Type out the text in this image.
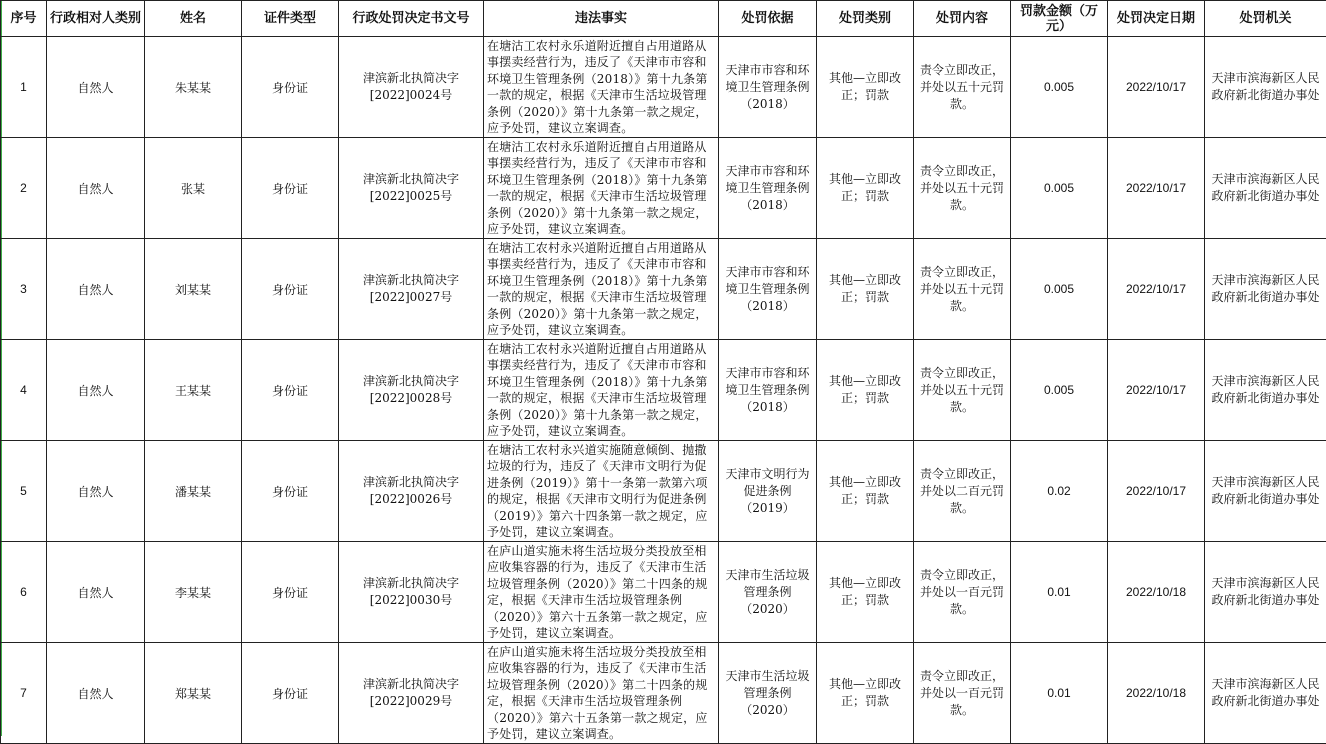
序号	行政相对人类别	姓名	证件类型	行政处罚决定书文号	违法事实	处罚依据	处罚类别	处罚内容	罚款金额（万元）	处罚决定日期	处罚机关
1	自然人	朱某某	身份证	津滨新北执简决字[2022]0024号	在塘沽工农村永乐道附近擅自占用道路从事摆卖经营行为，违反了《天津市市容和环境卫生管理条例（2018）》第十九条第一款的规定，根据《天津市生活垃圾管理条例（2020）》第十九条第一款之规定，应予处罚，建议立案调查。	天津市市容和环境卫生管理条例（2018）	其他—立即改正；罚款	责令立即改正，并处以五十元罚款。	0.005	2022/10/17	天津市滨海新区人民政府新北街道办事处
2	自然人	张某	身份证	津滨新北执简决字[2022]0025号	在塘沽工农村永乐道附近擅自占用道路从事摆卖经营行为，违反了《天津市市容和环境卫生管理条例（2018）》第十九条第一款的规定，根据《天津市生活垃圾管理条例（2020）》第十九条第一款之规定，应予处罚，建议立案调查。	天津市市容和环境卫生管理条例（2018）	其他—立即改正；罚款	责令立即改正，并处以五十元罚款。	0.005	2022/10/17	天津市滨海新区人民政府新北街道办事处
3	自然人	刘某某	身份证	津滨新北执简决字[2022]0027号	在塘沽工农村永兴道附近擅自占用道路从事摆卖经营行为，违反了《天津市市容和环境卫生管理条例（2018）》第十九条第一款的规定，根据《天津市生活垃圾管理条例（2020）》第十九条第一款之规定，应予处罚，建议立案调查。	天津市市容和环境卫生管理条例（2018）	其他—立即改正；罚款	责令立即改正，并处以五十元罚款。	0.005	2022/10/17	天津市滨海新区人民政府新北街道办事处
4	自然人	王某某	身份证	津滨新北执简决字[2022]0028号	在塘沽工农村永兴道附近擅自占用道路从事摆卖经营行为，违反了《天津市市容和环境卫生管理条例（2018）》第十九条第一款的规定，根据《天津市生活垃圾管理条例（2020）》第十九条第一款之规定，应予处罚，建议立案调查。	天津市市容和环境卫生管理条例（2018）	其他—立即改正；罚款	责令立即改正，并处以五十元罚款。	0.005	2022/10/17	天津市滨海新区人民政府新北街道办事处
5	自然人	潘某某	身份证	津滨新北执简决字[2022]0026号	在塘沽工农村永兴道实施随意倾倒、抛撒垃圾的行为，违反了《天津市文明行为促进条例（2019）》第十一条第一款第六项的规定，根据《天津市文明行为促进条例（2019）》第六十四条第一款之规定，应予处罚，建议立案调查。	天津市文明行为促进条例（2019）	其他—立即改正；罚款	责令立即改正，并处以二百元罚款。	0.02	2022/10/17	天津市滨海新区人民政府新北街道办事处
6	自然人	李某某	身份证	津滨新北执简决字[2022]0030号	在庐山道实施未将生活垃圾分类投放至相应收集容器的行为，违反了《天津市生活垃圾管理条例（2020）》第二十四条的规定，根据《天津市生活垃圾管理条例（2020）》第六十五条第一款之规定，应予处罚，建议立案调查。	天津市生活垃圾管理条例（2020）	其他—立即改正；罚款	责令立即改正，并处以一百元罚款。	0.01	2022/10/18	天津市滨海新区人民政府新北街道办事处
7	自然人	郑某某	身份证	津滨新北执简决字[2022]0029号	在庐山道实施未将生活垃圾分类投放至相应收集容器的行为，违反了《天津市生活垃圾管理条例（2020）》第二十四条的规定，根据《天津市生活垃圾管理条例（2020）》第六十五条第一款之规定，应予处罚，建议立案调查。	天津市生活垃圾管理条例（2020）	其他—立即改正；罚款	责令立即改正，并处以一百元罚款。	0.01	2022/10/18	天津市滨海新区人民政府新北街道办事处
